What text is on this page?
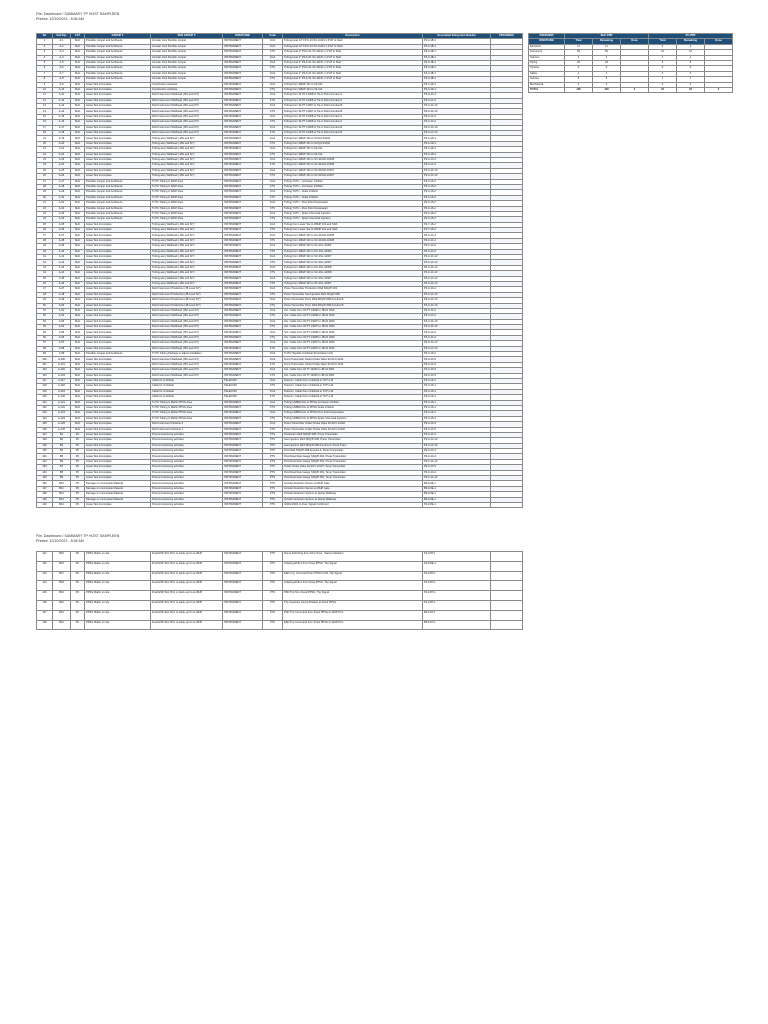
File: Dashboard / SAMMARY TP HOST SAMPLEEN
Printed: 12/10/2023 - 8:38 AM
No	Sub Sys	CAT	GROUP #	SUB GROUP #	DISCIPLINE	Code	Description	Associated Subsystem Number	PROGRESS
1	A-1	SHC	Possible Jumper and Antifreeze	Annular Joint Flexible Jumper	INSTRUMENT	CCA	Tubing Heat 12" FP-F-01 SC-11101 1.3"HT to Start	P3-3-1B-1	
2	A-2	SHC	Possible Jumper and Antifreeze	Annular Joint Flexible Jumper	INSTRUMENT	CCA	Tubing Heat 12" FP-F-01 SC-11101 1.3"HT to Start	P3-3-1B-1	
3	A-3	SHC	Possible Jumper and Antifreeze	Annular Joint Flexible Jumper	INSTRUMENT	FTS	Tubing Heat 4" PS-F-01 SC-11101 1.3"HT to Start	P3-3-1B-1	
4	A-4	SHC	Possible Jumper and Antifreeze	Annular Joint Flexible Jumper	INSTRUMENT	CCA	Tubing Heat 4" PS-F-01 SC-11101 1.3"HT to Start	P3-3-1B-1	
5	A-5	SHC	Possible Jumper and Antifreeze	Annular Joint Flexible Jumper	INSTRUMENT	CCA	Tubing Heat 4" PS-F-01 SC-11101 1.3"HT to Start	P3-3-1B-1	
6	A-6	SHC	Possible Jumper and Antifreeze	Annular Joint Flexible Jumper	INSTRUMENT	FTS	Tubing Heat 4" PS-F-01 SC-11101 1.3"HT to Start	P3-3-1B-1	
7	A-7	SHC	Possible Jumper and Antifreeze	Annular Joint Flexible Jumper	INSTRUMENT	CCA	Tubing Heat 4" PS-F-01 SC-11101 1.3"HT to Start	P3-3-1B-1	
8	A-8	SHC	Possible Jumper and Antifreeze	Annular Joint Flexible Jumper	INSTRUMENT	FTS	Tubing Heat 4" PS-F-01 SC-11101 1.3"HT to Start	P3-3-1B-1	
9	A-9	SHC	Areas Test Incomplete	Construction activities	INSTRUMENT	CCA	Tubing from 3/8HP 101 to 02-012	P3-4-1D-1	
10	A-10	SHC	Areas Test Incomplete	Construction activities	INSTRUMENT	FTS	Tubing from 3/8HP 101 to 02-012	P3-4-1D-1	
11	A-11	SHC	Areas Test Incomplete	Field Instrument Wellhead (JB Level 6/7)	INSTRUMENT	CCA	Tubing from 32 PT 14008 to Tie-in Point Annulus A	P3-3-1C-2	
12	A-12	SHC	Areas Test Incomplete	Field Instrument Wellhead (JB Level 6/7)	INSTRUMENT	FTS	Tubing from 32 PT 14008 to Tie-in Point Annulus A	P3-3-1C-2	
13	A-13	SHC	Areas Test Incomplete	Field Instrument Wellhead (JB Level 6/7)	INSTRUMENT	CCA	Tubing from 32 PT 14007 to Tie-in Point Annulus B	P3-3-1C-13	
14	A-14	SHC	Areas Test Incomplete	Field Instrument Wellhead (JB Level 6/7)	INSTRUMENT	FTS	Tubing from 32 PT 14007 to Tie-in Point Annulus B	P3-3-1C-13	
15	A-15	SHC	Areas Test Incomplete	Field Instrument Wellhead (JB Level 6/7)	INSTRUMENT	CCA	Tubing from 32 PT 14008 to Tie-in Point Annulus A	P3-3-1C-2	
16	A-16	SHC	Areas Test Incomplete	Field Instrument Wellhead (JB Level 6/7)	INSTRUMENT	FTS	Tubing from 32 PT 14008 to Tie-in Point Annulus A	P3-3-1C-2	
17	A-17	SHC	Areas Test Incomplete	Field Instrument Wellhead (JB Level 6/7)	INSTRUMENT	CCA	Tubing from 32 PT 14008 to Tie-in Point Annulus B	P3-3-1C-13	
18	A-18	SHC	Areas Test Incomplete	Field Instrument Wellhead (JB Level 6/7)	INSTRUMENT	FTS	Tubing from 32 PT 14008 to Tie-in Point Annulus B	P3-3-1C-13	
19	A-19	SHC	Areas Test Incomplete	Tubing assy Wellhead (-JBL and 6/7)	INSTRUMENT	CCA	Tubing from 3/8HP 101 to SC/QJ-01002	P3-4-1D-1	
20	A-20	SHC	Areas Test Incomplete	Tubing assy Wellhead (-JBL and 6/7)	INSTRUMENT	FTS	Tubing from 3/8HP 101 to SC/QJ-01002	P3-4-1D-1	
21	A-21	SHC	Areas Test Incomplete	Tubing assy Wellhead (-JBL and 6/7)	INSTRUMENT	CCA	Tubing from 3/8HP 101 to 02-012	P3-4-1D-1	
22	A-22	SHC	Areas Test Incomplete	Tubing assy Wellhead (-JBL and 6/7)	INSTRUMENT	FTS	Tubing from 3/8HP 101 to 02-012	P3-4-1D-1	
23	A-23	SHC	Areas Test Incomplete	Tubing assy Wellhead (-JBL and 6/7)	INSTRUMENT	CCA	Tubing from 3/8HP 101 to SC-01002-10008	P3-3-1C-2	
24	A-24	SHC	Areas Test Incomplete	Tubing assy Wellhead (-JBL and 6/7)	INSTRUMENT	FTS	Tubing from 3/8HP 101 to SC-01002-10008	P3-3-1C-2	
25	A-25	SHC	Areas Test Incomplete	Tubing assy Wellhead (-JBL and 6/7)	INSTRUMENT	CCA	Tubing from 3/8HP 101 to SC-01002-10007	P3-3-1C-13	
26	A-26	SHC	Areas Test Incomplete	Tubing assy Wellhead (-JBL and 6/7)	INSTRUMENT	FTS	Tubing from 3/8HP 101 to SC-01002-10007	P3-3-1C-13	
27	A-27	SHC	Possible Jumper and Antifreeze	TUTU Tubing in WHP Area	INSTRUMENT	CCA	Tubing TUTU - Corrosion Inhibitor	P3-3-1S-2	
28	A-28	SHC	Possible Jumper and Antifreeze	TUTU Tubing in WHP Area	INSTRUMENT	FTS	Tubing TUTU - Corrosion Inhibitor	P3-3-1S-2	
29	A-29	SHC	Possible Jumper and Antifreeze	TUTU Tubing in WHP Area	INSTRUMENT	CCA	Tubing TUTU - Scale Inhibitor	P3-3-1S-2	
30	A-30	SHC	Possible Jumper and Antifreeze	TUTU Tubing in WHP Area	INSTRUMENT	FTS	Tubing TUTU - Scale Inhibitor	P3-3-1S-2	
31	A-31	SHC	Possible Jumper and Antifreeze	TUTU Tubing in WHP Area	INSTRUMENT	CCA	Tubing TUTU - Pour Point Depressant	P3-3-1S-2	
32	A-32	SHC	Possible Jumper and Antifreeze	TUTU Tubing in WHP Area	INSTRUMENT	FTS	Tubing TUTU - Pour Point Depressant	P3-3-1S-2	
33	A-33	SHC	Possible Jumper and Antifreeze	TUTU Tubing in WHP Area	INSTRUMENT	CCA	Tubing TUTU - Spare Chemical Injection	P3-3-1S-2	
34	A-34	SHC	Possible Jumper and Antifreeze	TUTU Tubing in WHP Area	INSTRUMENT	FTS	Tubing TUTU - Spare Chemical Injection	P3-3-1S-2	
35	A-35	SHC	Areas Test Incomplete	Tubing assy Wellhead (-JBL and 6/7)	INSTRUMENT	CCA	Tubing from Lower Tee to 3/8HP 101 and SDA	P2-7-1S-2	
36	A-36	SHC	Areas Test Incomplete	Tubing assy Wellhead (-JBL and 6/7)	INSTRUMENT	FTS	Tubing from Lower Tee to 3/8HP 101 and SDA	P2-7-1S-2	
37	A-37	SHC	Areas Test Incomplete	Tubing assy Wellhead (-JBL and 6/7)	INSTRUMENT	CCA	Tubing from 3/8HP 101 to SC-01002-10008	P3-3-1C-2	
38	A-38	SHC	Areas Test Incomplete	Tubing assy Wellhead (-JBL and 6/7)	INSTRUMENT	FTS	Tubing from 3/8HP 101 to SC-01002-10008	P3-3-1C-2	
39	A-39	SHC	Areas Test Incomplete	Tubing assy Wellhead (-JBL and 6/7)	INSTRUMENT	CCA	Tubing from 3/8HP 101 to SC-4SL-10006	P3-3-1C-2	
40	A-40	SHC	Areas Test Incomplete	Tubing assy Wellhead (-JBL and 6/7)	INSTRUMENT	FTS	Tubing from 3/8HP 101 to SC-4SL-10006	P3-3-1C-2	
41	A-41	SHC	Areas Test Incomplete	Tubing assy Wellhead (-JBL and 6/7)	INSTRUMENT	CCA	Tubing from 3/8HP 101 to SC-4SL-10007	P3-3-1C-13	
42	A-42	SHC	Areas Test Incomplete	Tubing assy Wellhead (-JBL and 6/7)	INSTRUMENT	FTS	Tubing from 3/8HP 101 to SC-4SL-10007	P3-3-1C-13	
43	A-43	SHC	Areas Test Incomplete	Tubing assy Wellhead (-JBL and 6/7)	INSTRUMENT	CCA	Tubing from 3/8HP 101 to SC-4SL-10008	P3-3-1C-13	
44	A-44	SHC	Areas Test Incomplete	Tubing assy Wellhead (-JBL and 6/7)	INSTRUMENT	FTS	Tubing from 3/8HP 101 to SC-4SL-10008	P3-3-1C-13	
45	A-45	SHC	Areas Test Incomplete	Tubing assy Wellhead (-JBL and 6/7)	INSTRUMENT	CCA	Tubing from 3/8HP 101 to SC-4SL-10007	P3-3-1C-13	
46	A-46	SHC	Areas Test Incomplete	Tubing assy Wellhead (-JBL and 6/7)	INSTRUMENT	FTS	Tubing from 3/8HP 101 to SC-4SL-10007	P3-3-1C-13	
47	A-47	SHC	Areas Test Incomplete	Field Instrument Production (JB Level 6/7)	INSTRUMENT	CCA	Press Transmitter Production Well SDQ/P-001	P3-3-1C-2	
48	A-48	SHC	Areas Test Incomplete	Field Instrument Production (JB Level 6/7)	INSTRUMENT	FTS	Press Transmitter Gas Injection Well 1DQ/P-008	P3-3-1C-13	
49	A-49	SHC	Areas Test Incomplete	Field Instrument Production (JB Level 6/7)	INSTRUMENT	CCA	Press Transmitter Prod. Well SDQ/P-008 Annulus B	P3-3-1C-13	
50	A-50	SHC	Areas Test Incomplete	Field Instrument Production (JB Level 6/7)	INSTRUMENT	FTS	Press Transmitter Prod. Well SDQ/P-008 Annulus B	P3-3-1C-13	
51	A-51	SHC	Areas Test Incomplete	Field Instrument Wellhead (JB Level 6/7)	INSTRUMENT	CCA	Inst. Cable from 32 PT 14008 to JB-01 0001	P3-3-1C-2	
52	A-52	SHC	Areas Test Incomplete	Field Instrument Wellhead (JB Level 6/7)	INSTRUMENT	FTS	Inst. Cable from 32 PT 14008 to JB-01 0001	P3-3-1C-2	
53	A-53	SHC	Areas Test Incomplete	Field Instrument Wellhead (JB Level 6/7)	INSTRUMENT	CCA	Inst. Cable from 32 PT 14007 to JB-01 0001	P3-3-1C-13	
54	A-54	SHC	Areas Test Incomplete	Field Instrument Wellhead (JB Level 6/7)	INSTRUMENT	FTS	Inst. Cable from 32 PT 14007 to JB-01 0001	P3-3-1C-13	
55	A-55	SHC	Areas Test Incomplete	Field Instrument Wellhead (JB Level 6/7)	INSTRUMENT	CCA	Inst. Cable from 32 PT 14008 to JB-01 0001	P3-3-1C-2	
56	A-56	SHC	Areas Test Incomplete	Field Instrument Wellhead (JB Level 6/7)	INSTRUMENT	FTS	Inst. Cable from 32 PT 14008 to JB-01 0001	P3-3-1C-2	
57	A-57	SHC	Areas Test Incomplete	Field Instrument Wellhead (JB Level 6/7)	INSTRUMENT	CCA	Inst. Cable from 32 PT 14007 to JB-01 0001	P3-3-1C-13	
58	A-58	SHC	Areas Test Incomplete	Field Instrument Wellhead (JB Level 6/7)	INSTRUMENT	FTS	Inst. Cable from 32 PT 14007 to JB-01 0001	P3-3-1C-13	
59	A-59	SHC	Possible Jumper and Antifreeze	TUTU Tubing Package in adjust installation	INSTRUMENT	CCA	TUTU (Topside Umbilical Termination Unit)	P3-3-1S-2	
100	A-100	SHC	Areas Test Incomplete	Field Instrument Wellhead (JB Level 6/7)	INSTRUMENT	CCA	Temp Transmitter Outlet Choke Valve 32-SCV-1410	P3-3-1C-5	
101	A-101	SHC	Areas Test Incomplete	Field Instrument Wellhead (JB Level 6/7)	INSTRUMENT	FTS	Temp Transmitter Outlet Choke Valve 32-SCV-1410	P3-3-1C-5	
102	A-102	SHC	Areas Test Incomplete	Field Instrument Wellhead (JB Level 6/7)	INSTRUMENT	CCA	Inst. Cable from 32 TT 14000 to JB-01 0001	P3-3-1C-5	
103	A-103	SHC	Areas Test Incomplete	Field Instrument Wellhead (JB Level 6/7)	INSTRUMENT	FTS	Inst. Cable from 32 TT 14000 to JB-01 0001	P3-3-1C-5	
117	A-117	SHC	Areas Test Incomplete	Cable for Umbilical	TELECOM	CCA	Telecom. Cable from Umbilical to TUTU-16	P3-3-1S-1	
118	A-118	SHC	Areas Test Incomplete	Cable for Umbilical	TELECOM	FTS	Telecom. Cable from Umbilical to TUTU-16	P3-3-1S-1	
119	A-119	SHC	Areas Test Incomplete	Cable for Umbilical	TELECOM	CCA	Telecom. Cable from Umbilical to TUTU-16	P3-3-1S-1	
120	A-120	SHC	Areas Test Incomplete	Cable for Umbilical	TELECOM	FTS	Telecom. Cable from Umbilical to TUTU-16	P3-3-1S-1	
121	A-121	SHC	Areas Test Incomplete	TUTU Tubing in Marlin PPSG Area	INSTRUMENT	CCA	Tubing UMBILICAL to PPSG Corrosion Inhibitor	P3-3-1S-1	
122	A-122	SHC	Areas Test Incomplete	TUTU Tubing in Marlin PPSG Area	INSTRUMENT	FTS	Tubing UMBILICAL to PPSG Scale Inhibitor	P3-3-1S-1	
123	A-123	SHC	Areas Test Incomplete	TUTU Tubing in Marlin PPSG Area	INSTRUMENT	CCA	Tubing UMBILICAL to PPSG Pour Point Depressant	P3-3-1S-1	
124	A-124	SHC	Areas Test Incomplete	TUTU Tubing in Marlin PPSG Area	INSTRUMENT	FTS	Tubing UMBILICAL to PPSG Spare Chemical Injection	P3-3-1S-1	
125	A-125	SHC	Areas Test Incomplete	Field Instrument Flowline 4	INSTRUMENT	CCA	Press Transmitter Outlet Choke Valve 32-SCV-14140	P3-3-1C-5	
126	A-126	SHC	Areas Test Incomplete	Field Instrument Flowline 4	INSTRUMENT	FTS	Press Transmitter Outlet Choke Valve 32-SCV-14140	P3-3-1C-5	
127	B1	PC	Areas Test Incomplete	Precommissioning activities	INSTRUMENT	PTS	Production Well SDQ/P-008, Press Transmitter	P3-3-1C-2	
128	B2	PC	Areas Test Incomplete	Precommissioning activities	INSTRUMENT	PTS	Gas Injection Well SDQ/P-008, Press Transmitter	P3-3-1C-13	
129	B3	PC	Areas Test Incomplete	Precommissioning activities	INSTRUMENT	PTS	Gas Injection Well SDQ/P-008 Annulus A, Press Trans	P3-3-1C-13	
130	B4	PC	Areas Test Incomplete	Precommissioning activities	INSTRUMENT	PTS	Prod Well SDQ/P-008 Annulus A, Press Transmitter	P3-3-1C-2	
131	B5	PC	Areas Test Incomplete	Precommissioning activities	INSTRUMENT	PTS	Prod Downhole Gauge SDQ/P-001, Press Transmitter	P3-3-1C-2	
132	B6	PC	Areas Test Incomplete	Precommissioning activities	INSTRUMENT	PTS	Prod Downhole Gauge SDQ/P-001, Press Transmitter	P3-3-1C-13	
133	B7	PC	Areas Test Incomplete	Precommissioning activities	INSTRUMENT	PTS	Outlet Choke Valve 32-SCV-14107, Temp Transmitter	P3-3-1C-5	
134	B8	PC	Areas Test Incomplete	Precommissioning activities	INSTRUMENT	PTS	Prod Downhole Gauge SDQ/P-001, Temp Transmitter	P3-3-1C-2	
135	B9	PC	Areas Test Incomplete	Precommissioning activities	INSTRUMENT	PTS	Prod Downhole Gauge SDQ/P-001, Temp Transmitter	P3-3-1C-13	
136	B10	PC	Damage or uncomplete Material	Precommissioning activities	INSTRUMENT	PTS	Intruder Detection Sensor at WHP Gate	B9-9-6E-1	
137	B11	PC	Damage or uncomplete Material	Precommissioning activities	INSTRUMENT	PTS	Intruder Detection Sensor at WHP Gate	B9-9-6E-1	
138	B12	PC	Damage or uncomplete Material	Precommissioning activities	INSTRUMENT	PTS	Intruder Detection System at Jacket Walkway	B9-9-6E-1	
139	B13	PC	Damage or uncomplete Material	Precommissioning activities	INSTRUMENT	PTS	Intruder Detection System at Jacket Walkway	B9-9-6E-1	
140	B14	PC	Areas Test Incomplete	Precommissioning activities	INSTRUMENT	PTS	Inhibit ESD1 to Fuel, Signal Confirmed	P3-9-8E-1	
OVERVIEW	SHC-PPR			PC-PPR		
DISCIPLINE	Total	Remaining	Done	Total	Remaining	Done
Electrical	11	11		0	0	
Instrument	69	69		16	16	
Telecom	4	4		1	1	
Piping	36	36		6	6	
Pipeline	0	0		0	0	
Safety	1	1		0	0	
Subsea	5	5		1	1	
Mechanical	0	0		0	0	
TOTAL	126	126	0	24	24	0
File: Dashboard / SAMMARY TP HOST SAMPLEEN
Printed: 12/10/2023 - 8:38 AM
141	B15	PC	PPSG Marlin on site	Final ESD Test Prior to Hook-up Fo at WHP	INSTRUMENT	PTS	Flame Switching from S3 to S4 & , Status Indication	P3-9-8T-1	
142	B16	PC	PPSG Marlin on site	Final ESD Test Prior to Hook-up Fo at WHP	INSTRUMENT	PTS	Initiating ESD-1 from Fixed PPSG, Trip Signal	P3-9-8E-1	
143	B17	PC	PPSG Marlin on site	Final ESD Test Prior to Hook-up Fo at WHP	INSTRUMENT	PTS	ESD-1 by Command from PPSG CCR, Trip Signal	P3-9-8T-1	
144	B18	PC	PPSG Marlin on site	Final ESD Test Prior to Hook-up Fo at WHP	INSTRUMENT	PTS	Initiating ESD-2 from Fixed PPSG, Trip Signal	P3-9-8T-1	
145	B19	PC	PPSG Marlin on site	Final ESD Test Prior to Hook-up Fo at WHP	INSTRUMENT	PTS	PSD Trip from Fixed PPSG, Trip Signal	P3-9-8T-1	
146	B20	PC	PPSG Marlin on site	Final ESD Test Prior to Hook-up Fo at WHP	INSTRUMENT	PTS	Trip Upstream Circuit Breaker at Fixed PPSG	P3-9-8T-1	
147	B21	PC	PPSG Marlin on site	Final ESD Test Prior to Hook-up Fo at WHP	INSTRUMENT	PTS	PSD Trip Command from Fixed PPSG to WHP PLC	B9-9-6T-1	
148	B22	PC	PPSG Marlin on site	Final ESD Test Prior to Hook-up Fo at WHP	INSTRUMENT	PTS	ESD Trip Command from Fixed PPSG to WHP PLC	B9-9-6T-1	
